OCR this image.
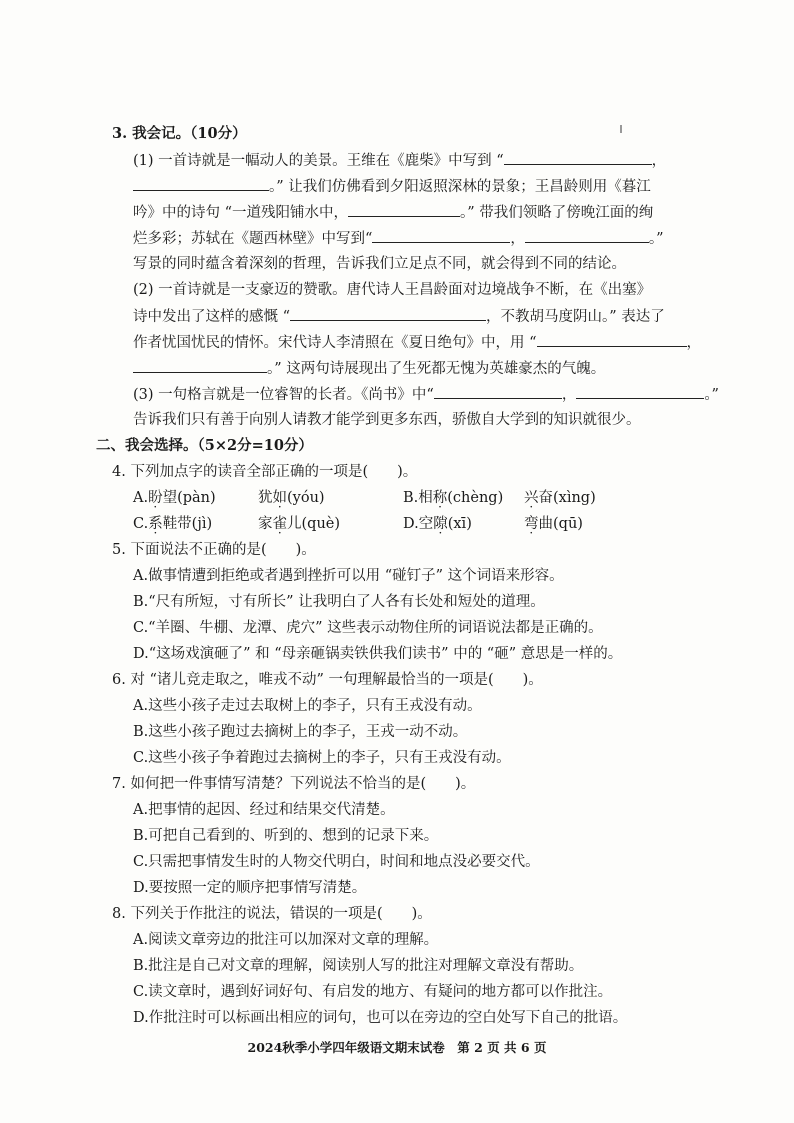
3. 我会记。（10分）
(1) 一首诗就是一幅动人的美景。王维在《鹿柴》中写到 “	，
。” 让我们仿佛看到夕阳返照深林的景象；王昌龄则用《暮江
吟》中的诗句 “一道残阳铺水中，	。” 带我们领略了傍晚江面的绚
烂多彩；苏轼在《题西林壁》中写到“	，	。”
写景的同时蕴含着深刻的哲理，告诉我们立足点不同，就会得到不同的结论。
(2) 一首诗就是一支豪迈的赞歌。唐代诗人王昌龄面对边境战争不断，在《出塞》
诗中发出了这样的感慨 “	，不教胡马度阴山。” 表达了
作者忧国忧民的情怀。宋代诗人李清照在《夏日绝句》中，用 “	，
。” 这两句诗展现出了生死都无愧为英雄豪杰的气魄。
(3) 一句格言就是一位睿智的长者。《尚书》中“	，	。”
告诉我们只有善于向别人请教才能学到更多东西，骄傲自大学到的知识就很少。
二、我会选择。（5×2分=10分）
4. 下列加点字的读音全部正确的一项是(　　)。
A.盼望(pàn)	犹如(yóu)	B.相称(chèng) 兴奋(xìng)
C.系鞋带(jì)	家雀儿(què)	D.空隙(xī)	弯曲(qū)
5. 下面说法不正确的是(　　)。
A.做事情遭到拒绝或者遇到挫折可以用 “碰钉子” 这个词语来形容。
B.“尺有所短，寸有所长” 让我明白了人各有长处和短处的道理。
C.“羊圈、牛棚、龙潭、虎穴” 这些表示动物住所的词语说法都是正确的。
D.“这场戏演砸了” 和 “母亲砸锅卖铁供我们读书” 中的 “砸” 意思是一样的。
6. 对 “诸儿竞走取之，唯戎不动” 一句理解最恰当的一项是(　　)。
A.这些小孩子走过去取树上的李子，只有王戎没有动。
B.这些小孩子跑过去摘树上的李子，王戎一动不动。
C.这些小孩子争着跑过去摘树上的李子，只有王戎没有动。
7. 如何把一件事情写清楚？下列说法不恰当的是(　　)。
A.把事情的起因、经过和结果交代清楚。
B.可把自己看到的、听到的、想到的记录下来。
C.只需把事情发生时的人物交代明白，时间和地点没必要交代。
D.要按照一定的顺序把事情写清楚。
8. 下列关于作批注的说法，错误的一项是(　　)。
A.阅读文章旁边的批注可以加深对文章的理解。
B.批注是自己对文章的理解，阅读别人写的批注对理解文章没有帮助。
C.读文章时，遇到好词好句、有启发的地方、有疑问的地方都可以作批注。
D.作批注时可以标画出相应的词句，也可以在旁边的空白处写下自己的批语。
2024秋季小学四年级语文期末试卷　第 2 页 共 6 页
